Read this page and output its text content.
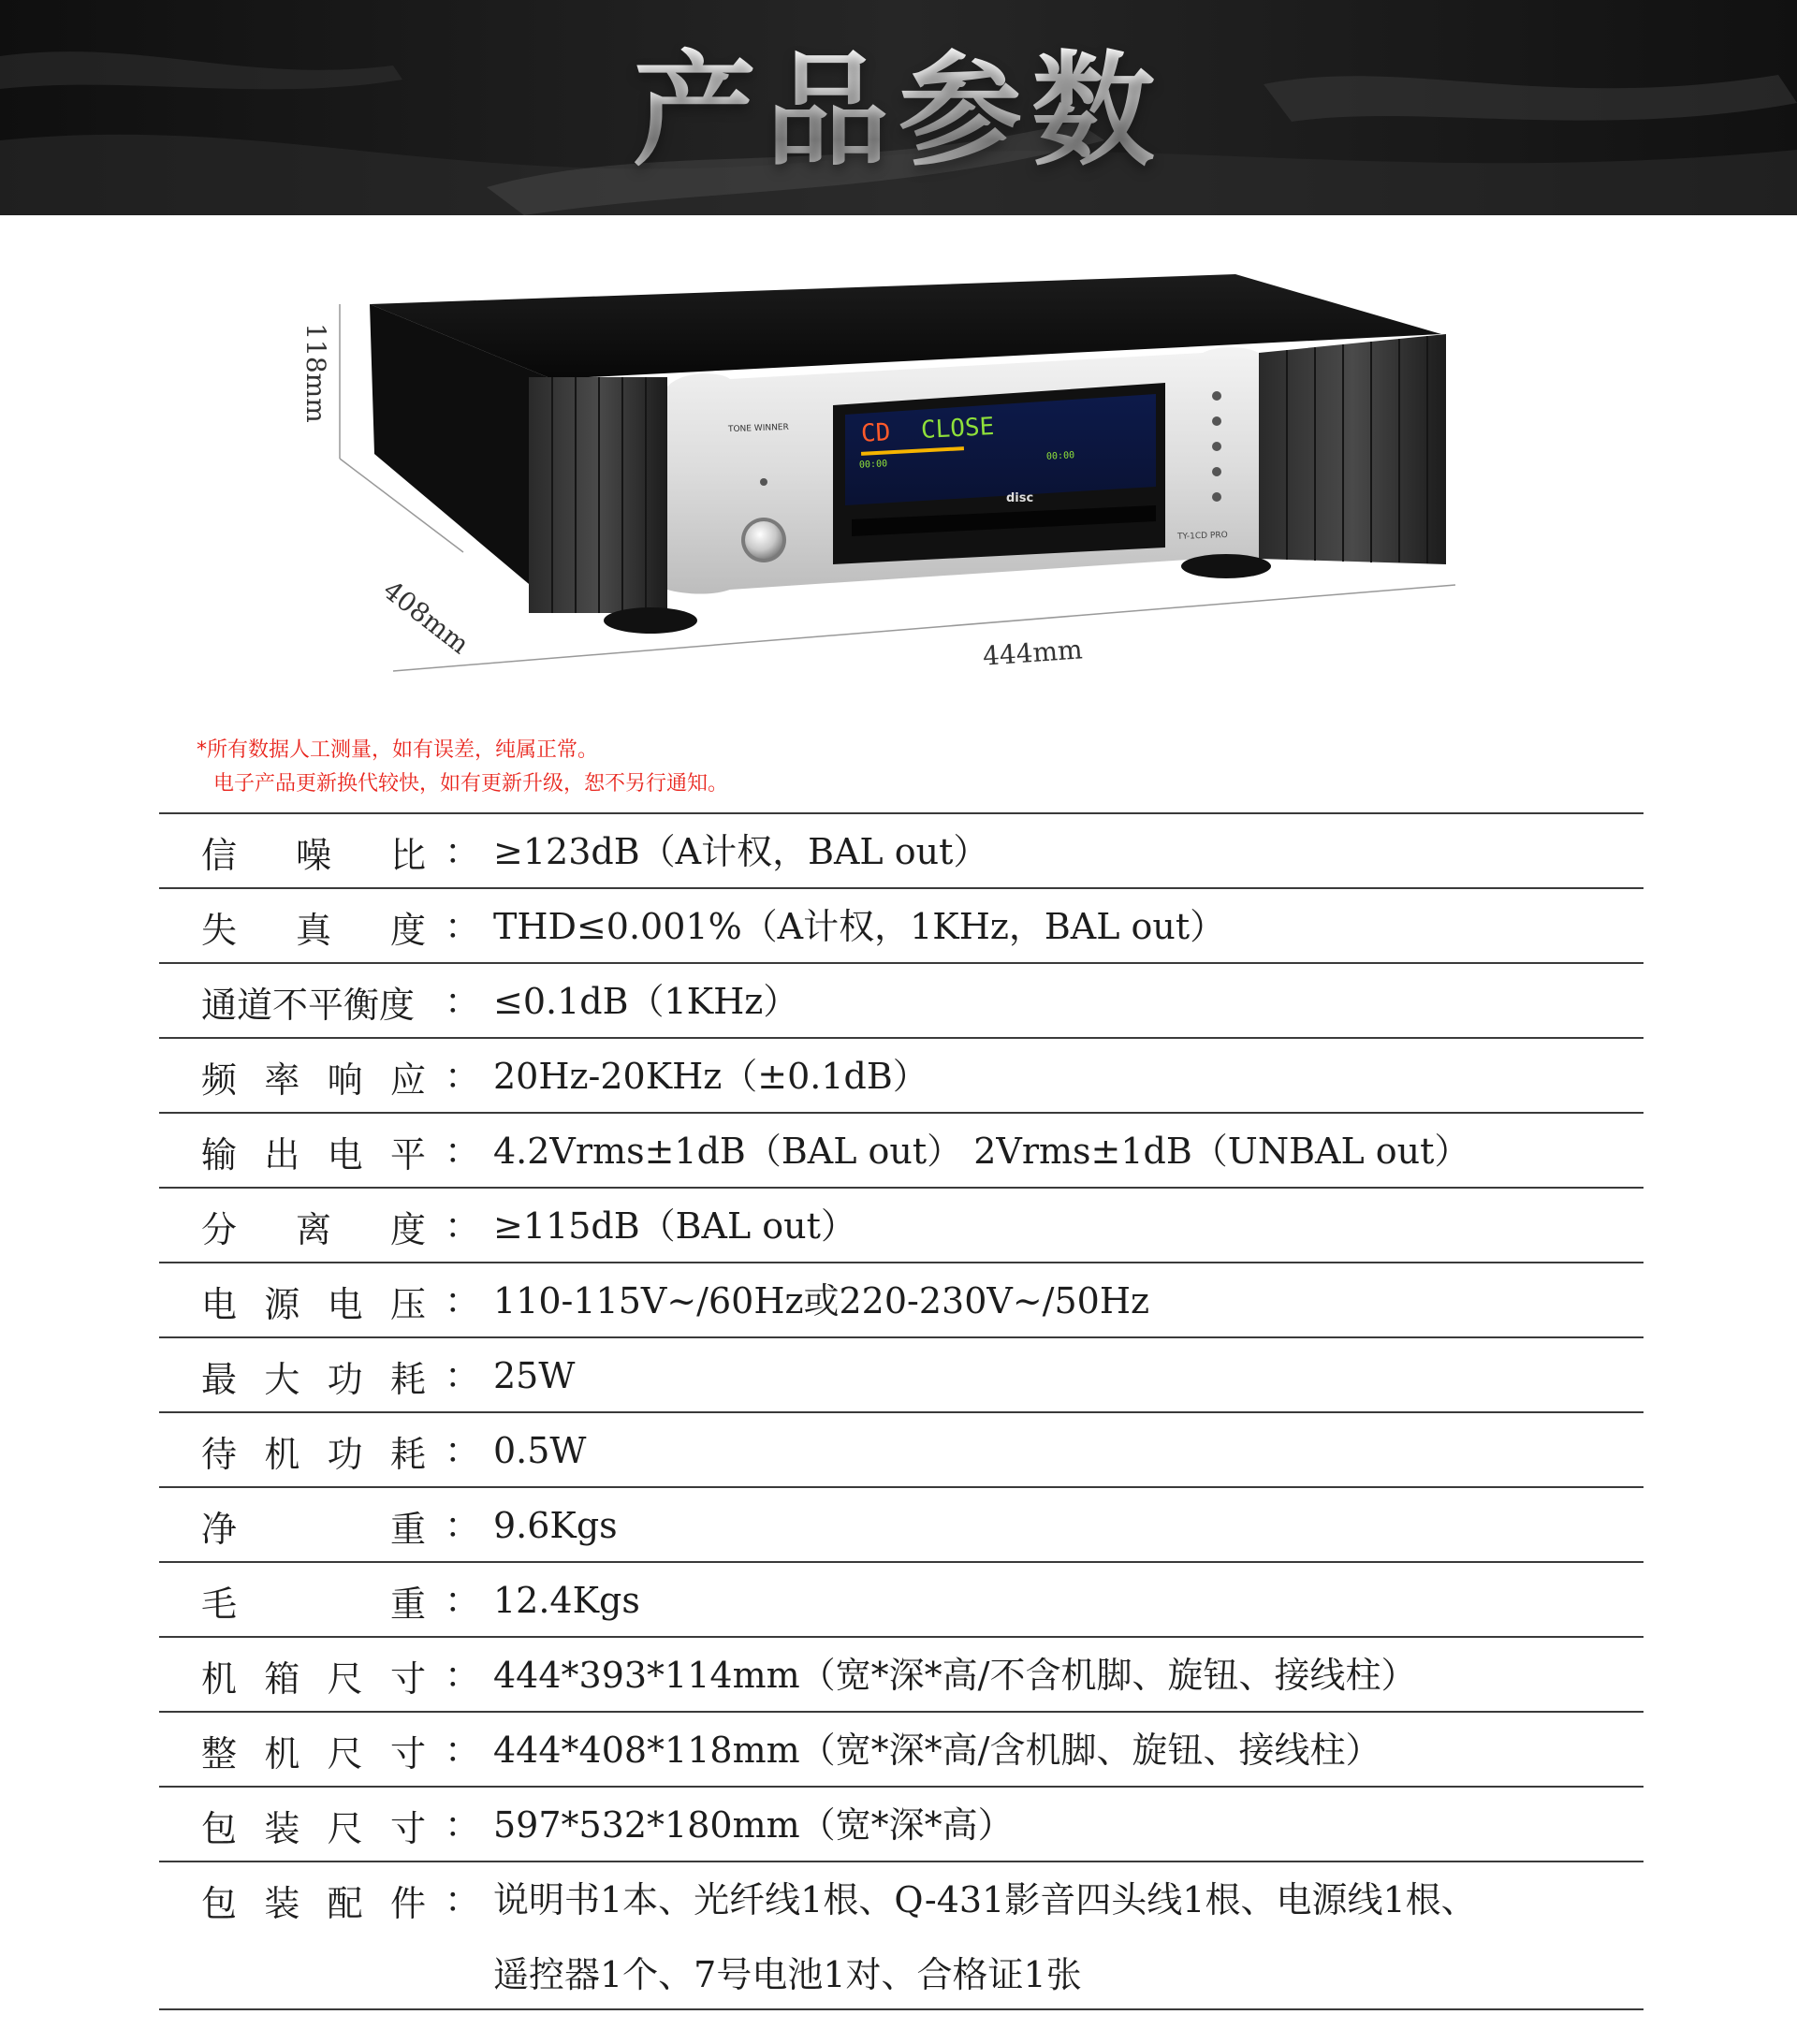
产品参数
TONE WINNER
TY-1CD PRO
CD CLOSE
00:00
00:00
disc
118mm
408mm	444mm
*所有数据人工测量，如有误差，纯属正常。
电子产品更新换代较快，如有更新升级，恕不另行通知。
信 噪 比 ： ≥123dB（A计权，BAL out）
失 真 度 ： THD≤0.001%（A计权，1KHz，BAL out）
通道不平衡度 ： ≤0.1dB（1KHz）
频 率 响 应 ： 20Hz-20KHz（±0.1dB）
输 出 电 平 ： 4.2Vrms±1dB（BAL out） 2Vrms±1dB（UNBAL out）
分 离 度 ： ≥115dB（BAL out）
电 源 电 压 ： 110-115V~/60Hz或220-230V~/50Hz
最 大 功 耗 ： 25W
待 机 功 耗 ： 0.5W
净	重 ： 9.6Kgs
毛	重 ： 12.4Kgs
机 箱 尺 寸 ： 444*393*114mm（宽*深*高/不含机脚、旋钮、接线柱）
整 机 尺 寸 ： 444*408*118mm（宽*深*高/含机脚、旋钮、接线柱）
包 装 尺 寸 ： 597*532*180mm（宽*深*高）
包 装 配 件 ： 说明书1本、光纤线1根、Q-431影音四头线1根、电源线1根、
遥控器1个、7号电池1对、合格证1张
